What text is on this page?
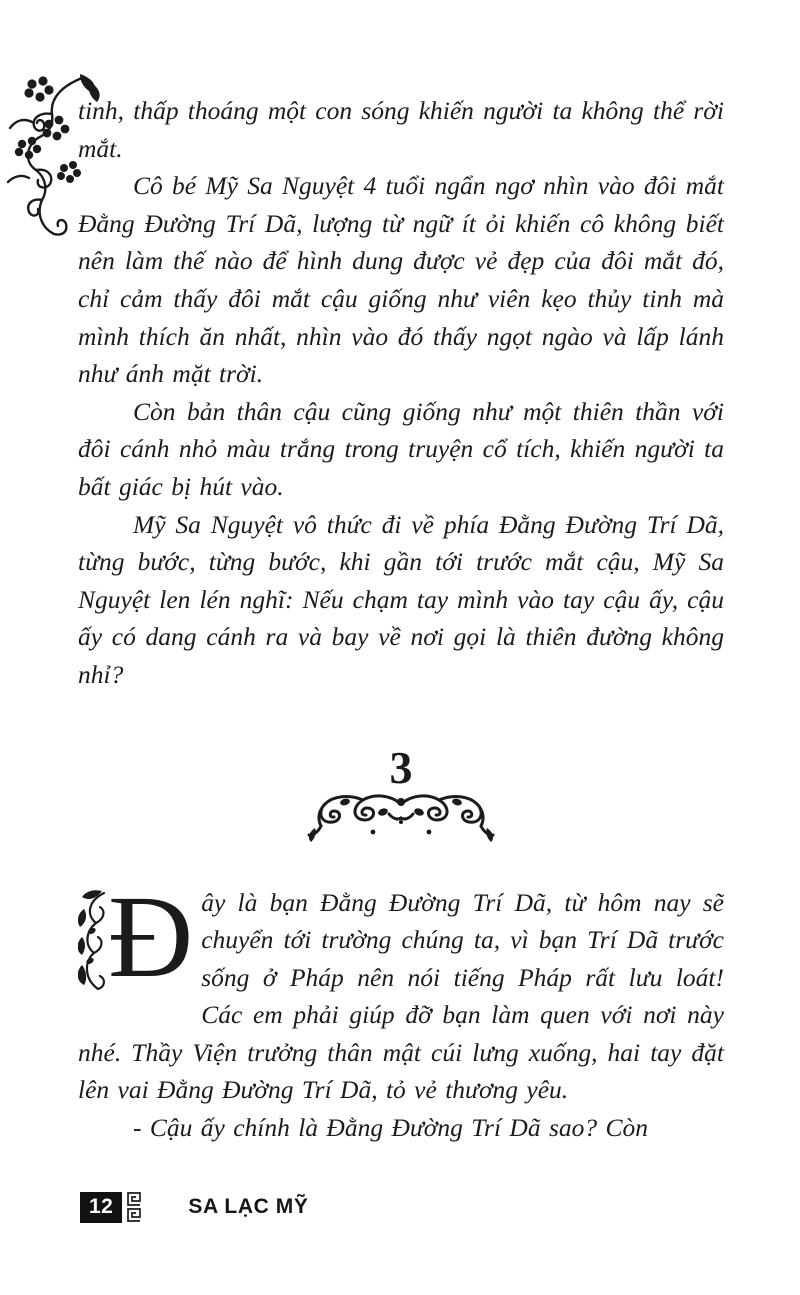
tinh, thấp thoáng một con sóng khiến người ta không thể rời mắt.

Cô bé Mỹ Sa Nguyệt 4 tuổi ngẩn ngơ nhìn vào đôi mắt Đằng Đường Trí Dã, lượng từ ngữ ít ỏi khiến cô không biết nên làm thế nào để hình dung được vẻ đẹp của đôi mắt đó, chỉ cảm thấy đôi mắt cậu giống như viên kẹo thủy tinh mà mình thích ăn nhất, nhìn vào đó thấy ngọt ngào và lấp lánh như ánh mặt trời.

Còn bản thân cậu cũng giống như một thiên thần với đôi cánh nhỏ màu trắng trong truyện cổ tích, khiến người ta bất giác bị hút vào.

Mỹ Sa Nguyệt vô thức đi về phía Đằng Đường Trí Dã, từng bước, từng bước, khi gần tới trước mắt cậu, Mỹ Sa Nguyệt len lén nghĩ: Nếu chạm tay mình vào tay cậu ấy, cậu ấy có dang cánh ra và bay về nơi gọi là thiên đường không nhỉ?

3

Đ ây là bạn Đằng Đường Trí Dã, từ hôm nay sẽ chuyển tới trường chúng ta, vì bạn Trí Dã trước sống ở Pháp nên nói tiếng Pháp rất lưu loát! Các em phải giúp đỡ bạn làm quen với nơi này nhé. Thầy Viện trưởng thân mật cúi lưng xuống, hai tay đặt lên vai Đằng Đường Trí Dã, tỏ vẻ thương yêu.

- Cậu ấy chính là Đằng Đường Trí Dã sao? Còn

12	SA LẠC MỸ
